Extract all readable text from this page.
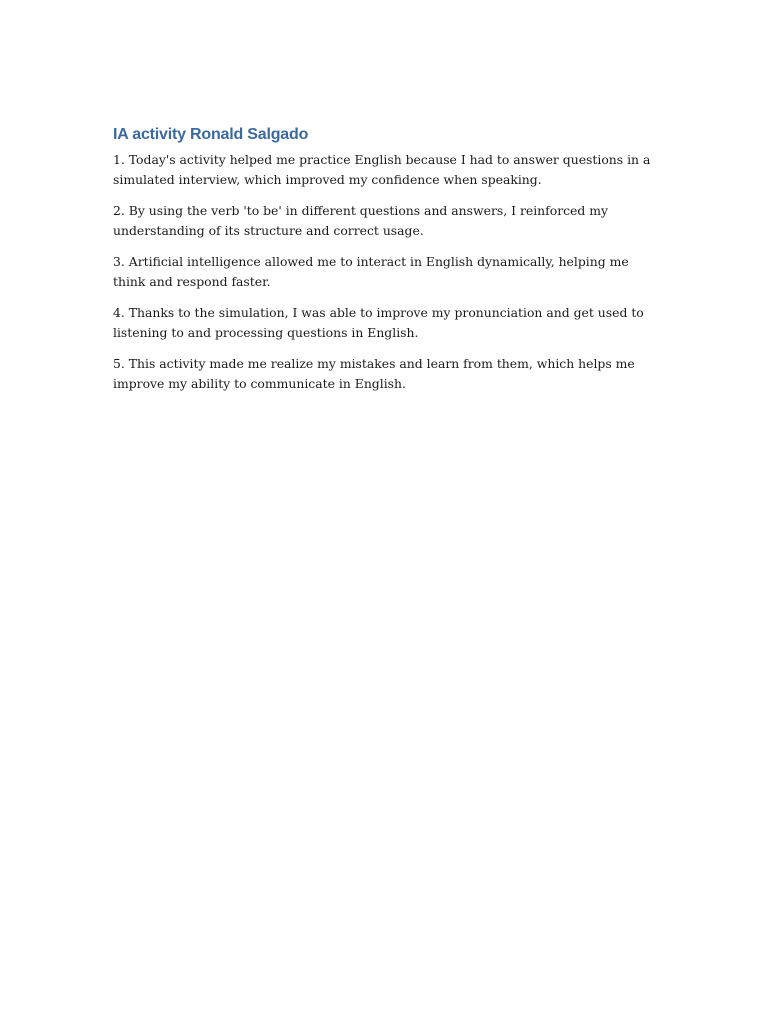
IA activity Ronald Salgado

1. Today's activity helped me practice English because I had to answer questions in a simulated interview, which improved my confidence when speaking.

2. By using the verb 'to be' in different questions and answers, I reinforced my understanding of its structure and correct usage.

3. Artificial intelligence allowed me to interact in English dynamically, helping me think and respond faster.

4. Thanks to the simulation, I was able to improve my pronunciation and get used to listening to and processing questions in English.

5. This activity made me realize my mistakes and learn from them, which helps me improve my ability to communicate in English.
